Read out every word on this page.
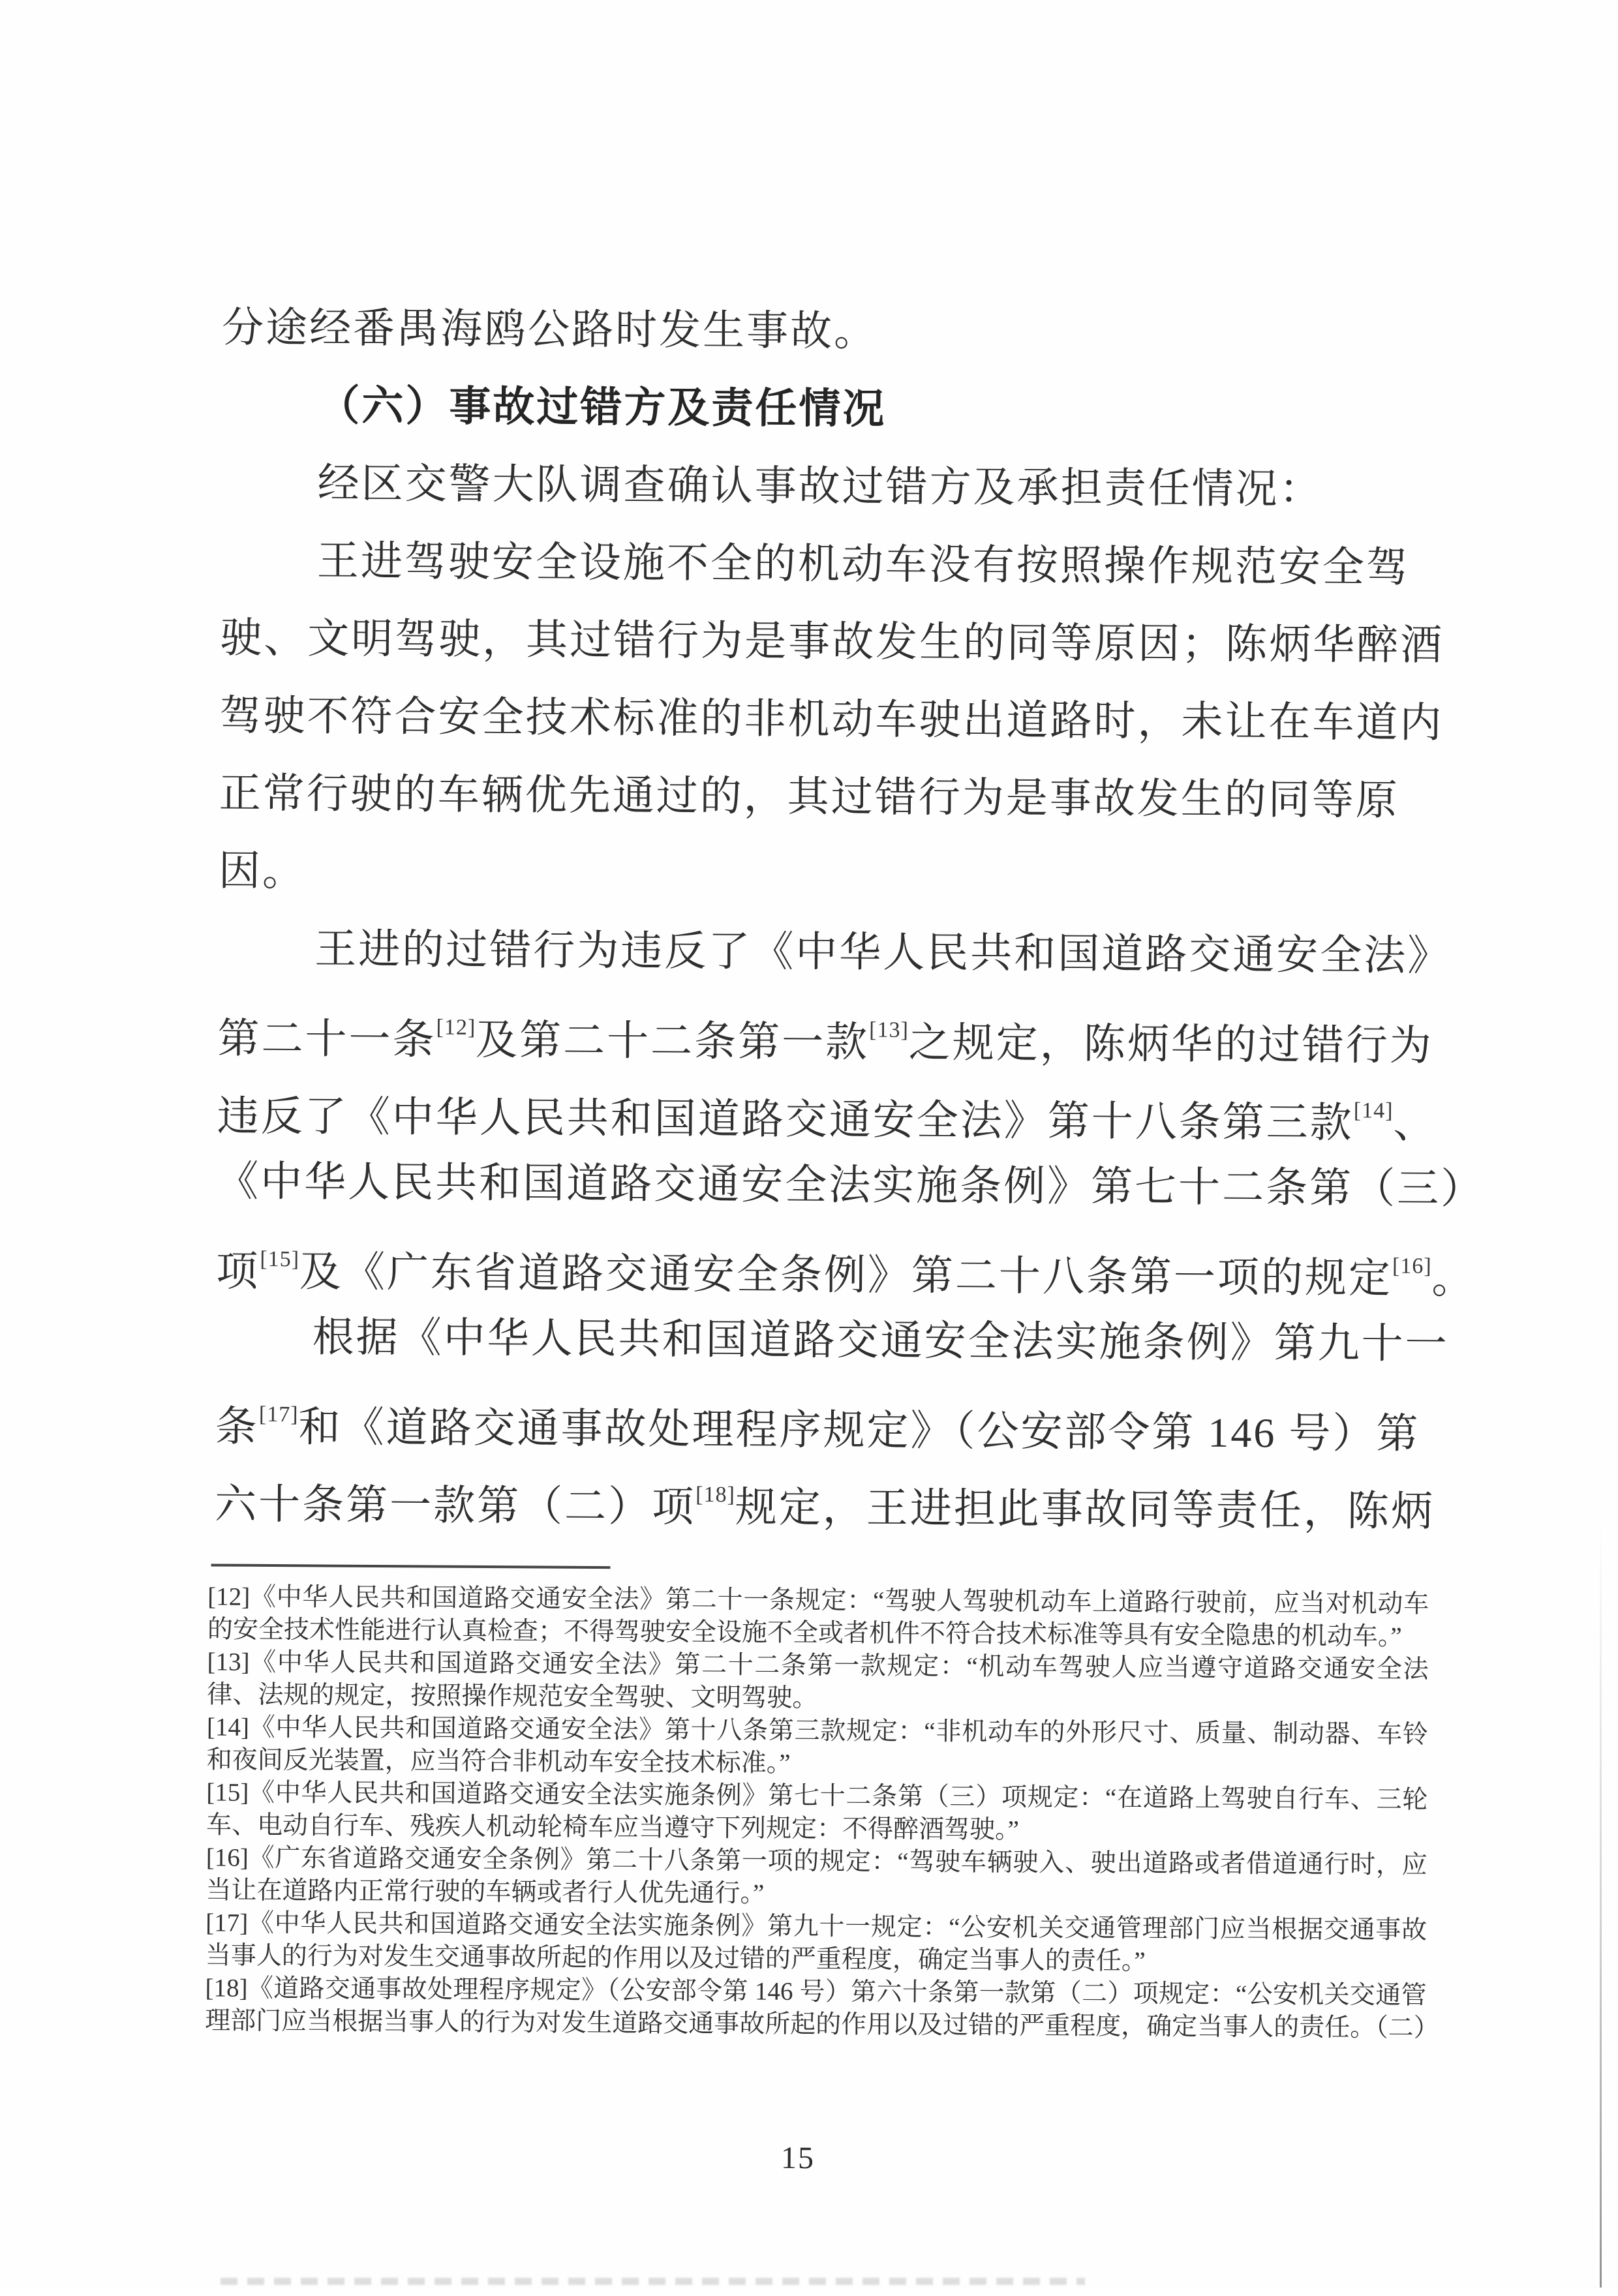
分途经番禺海鸥公路时发生事故。
（六）事故过错方及责任情况
经区交警大队调查确认事故过错方及承担责任情况：
王进驾驶安全设施不全的机动车没有按照操作规范安全驾
驶、文明驾驶，其过错行为是事故发生的同等原因；陈炳华醉酒
驾驶不符合安全技术标准的非机动车驶出道路时，未让在车道内
正常行驶的车辆优先通过的，其过错行为是事故发生的同等原
因。
王进的过错行为违反了《中华人民共和国道路交通安全法》
第二十一条[12]及第二十二条第一款[13]之规定，陈炳华的过错行为
违反了《中华人民共和国道路交通安全法》第十八条第三款[14]、
《中华人民共和国道路交通安全法实施条例》第七十二条第（三）
项[15]及《广东省道路交通安全条例》第二十八条第一项的规定[16]。
根据《中华人民共和国道路交通安全法实施条例》第九十一
条[17]和《道路交通事故处理程序规定》（公安部令第 146 号）第
六十条第一款第（二）项[18]规定，王进担此事故同等责任，陈炳
[12]《中华人民共和国道路交通安全法》第二十一条规定：“驾驶人驾驶机动车上道路行驶前，应当对机动车的安全技术性能进行认真检查；不得驾驶安全设施不全或者机件不符合技术标准等具有安全隐患的机动车。”
[13]《中华人民共和国道路交通安全法》第二十二条第一款规定：“机动车驾驶人应当遵守道路交通安全法律、法规的规定，按照操作规范安全驾驶、文明驾驶。
[14]《中华人民共和国道路交通安全法》第十八条第三款规定：“非机动车的外形尺寸、质量、制动器、车铃和夜间反光装置，应当符合非机动车安全技术标准。”
[15]《中华人民共和国道路交通安全法实施条例》第七十二条第（三）项规定：“在道路上驾驶自行车、三轮车、电动自行车、残疾人机动轮椅车应当遵守下列规定：不得醉酒驾驶。”
[16]《广东省道路交通安全条例》第二十八条第一项的规定：“驾驶车辆驶入、驶出道路或者借道通行时，应当让在道路内正常行驶的车辆或者行人优先通行。”
[17]《中华人民共和国道路交通安全法实施条例》第九十一规定：“公安机关交通管理部门应当根据交通事故当事人的行为对发生交通事故所起的作用以及过错的严重程度，确定当事人的责任。”
[18]《道路交通事故处理程序规定》（公安部令第 146 号）第六十条第一款第（二）项规定：“公安机关交通管理部门应当根据当事人的行为对发生道路交通事故所起的作用以及过错的严重程度，确定当事人的责任。（二）
15
